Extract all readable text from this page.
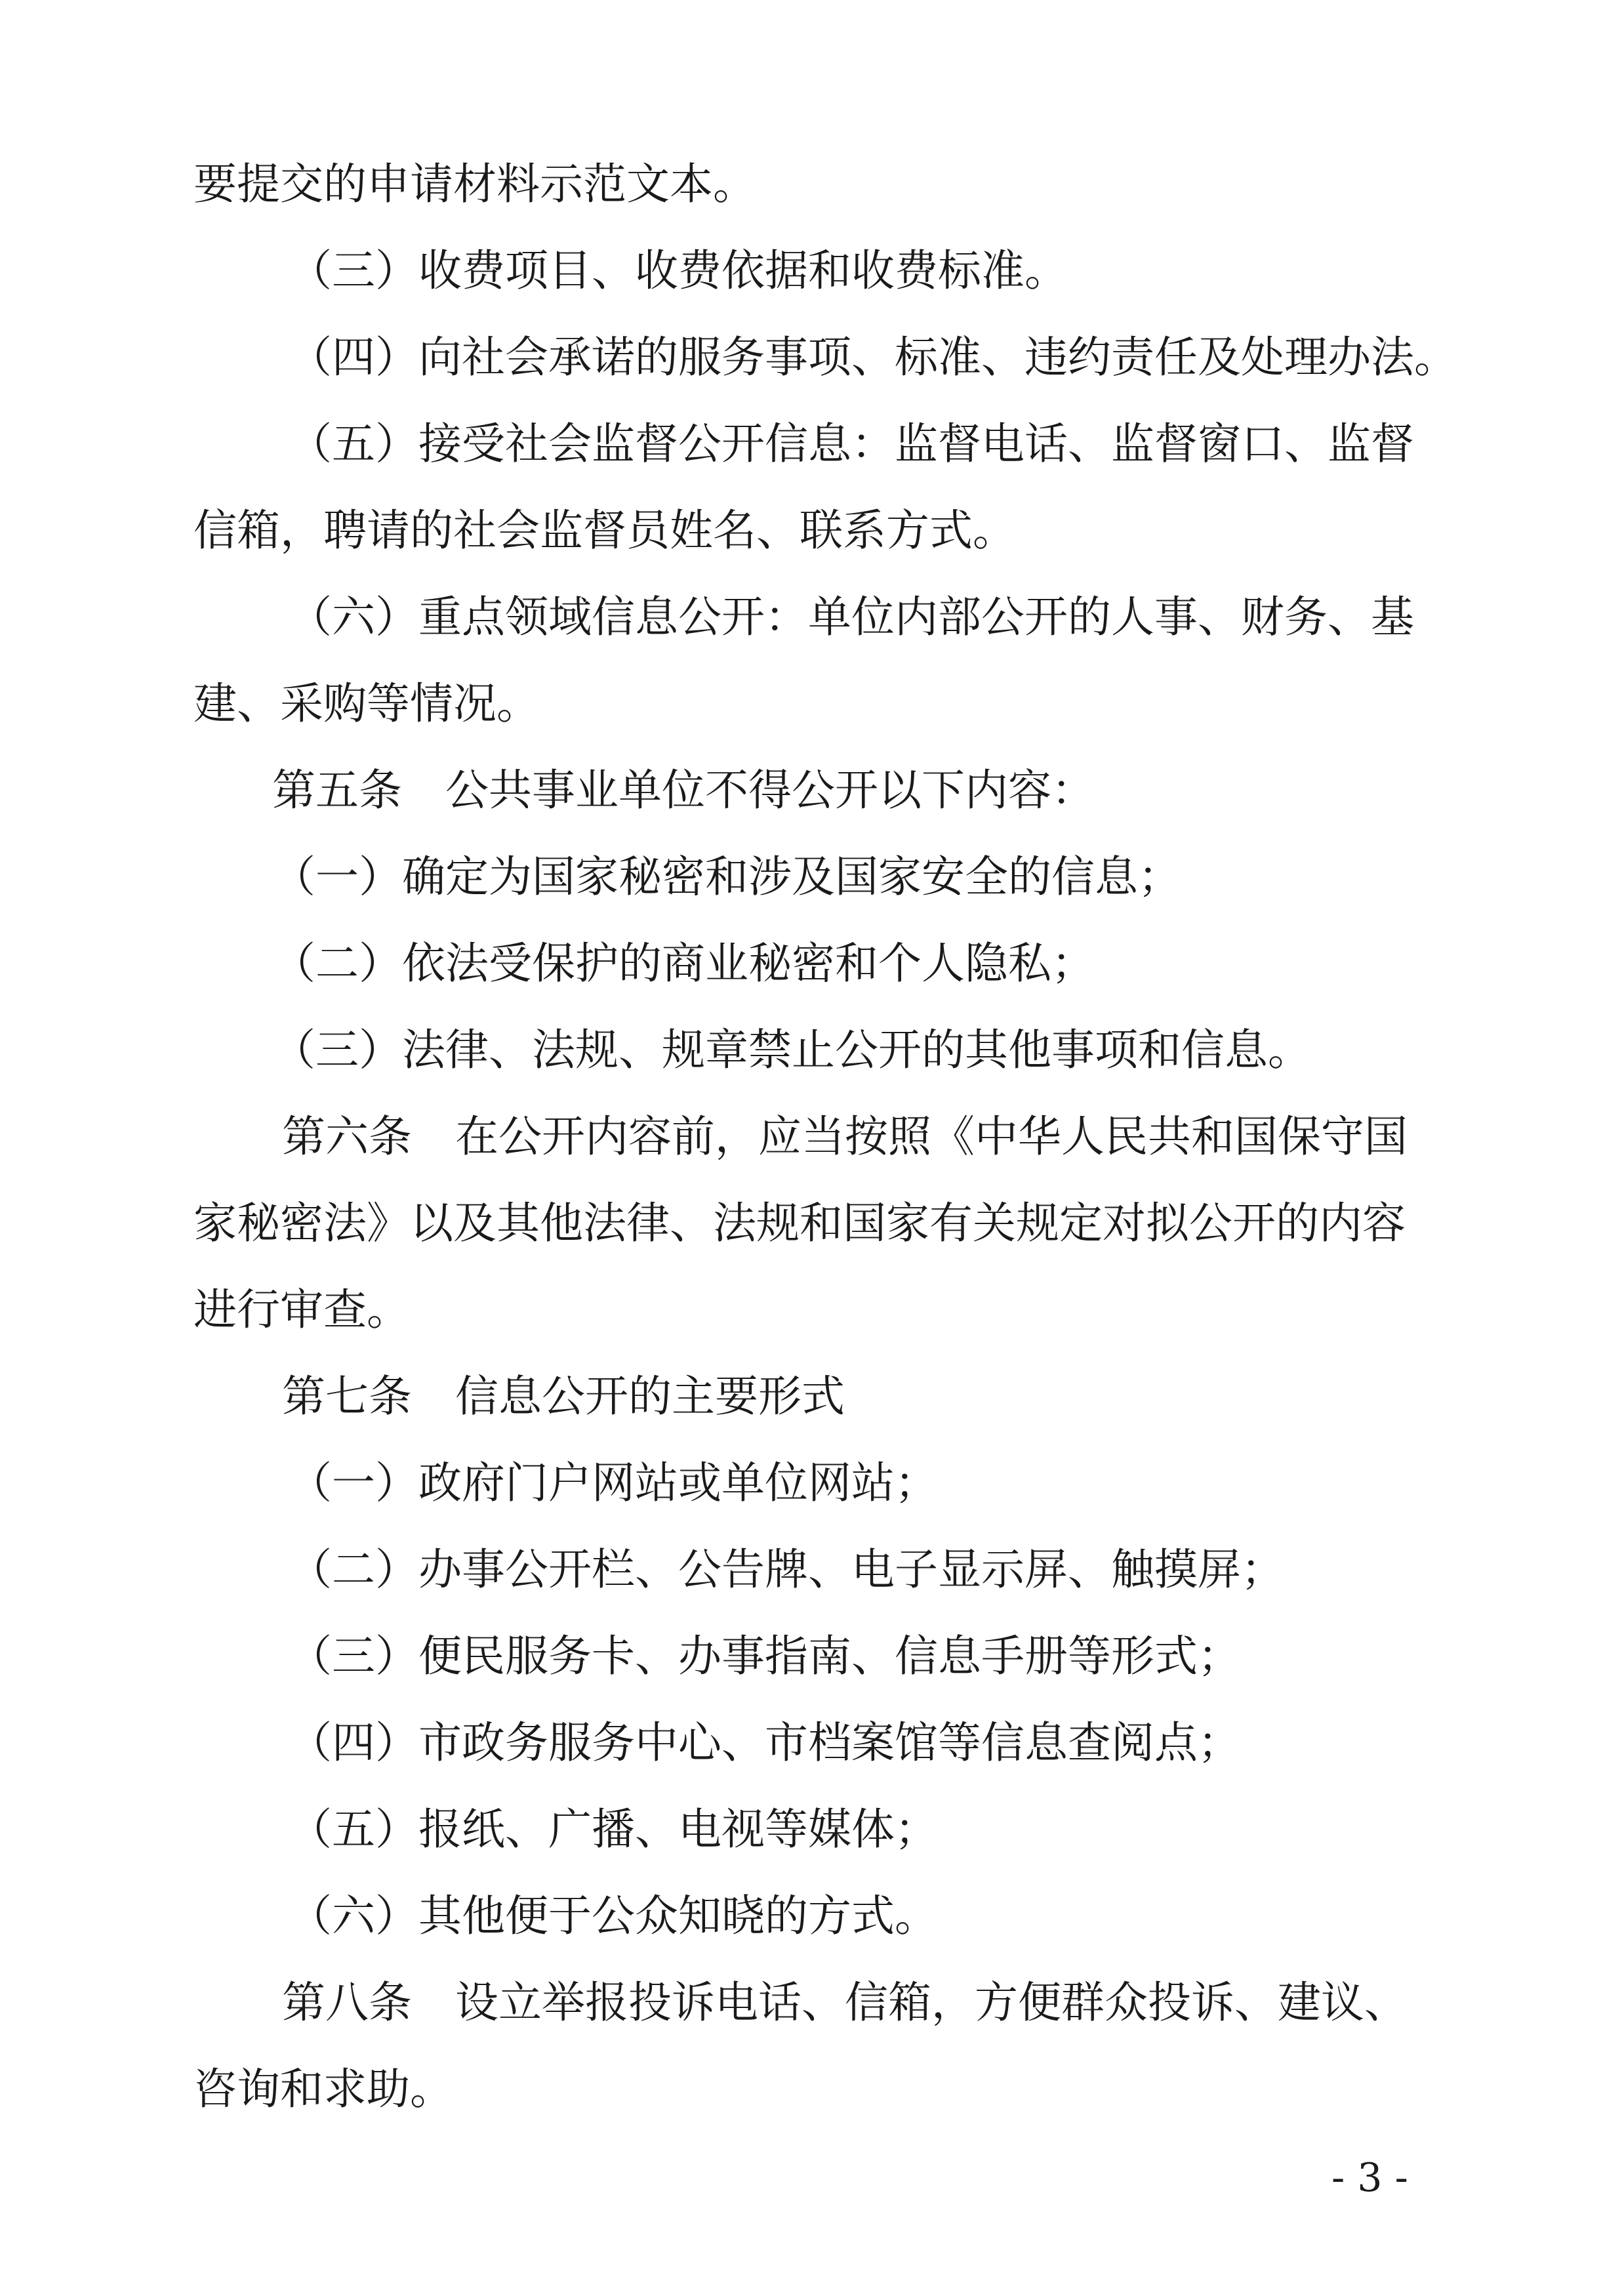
要提交的申请材料示范文本。
（三）收费项目、收费依据和收费标准。
（四）向社会承诺的服务事项、标准、违约责任及处理办法。
（五）接受社会监督公开信息：监督电话、监督窗口、监督
信箱，聘请的社会监督员姓名、联系方式。
（六）重点领域信息公开：单位内部公开的人事、财务、基
建、采购等情况。
第五条　公共事业单位不得公开以下内容：
（一）确定为国家秘密和涉及国家安全的信息；
（二）依法受保护的商业秘密和个人隐私；
（三）法律、法规、规章禁止公开的其他事项和信息。
第六条　在公开内容前，应当按照《中华人民共和国保守国
家秘密法》以及其他法律、法规和国家有关规定对拟公开的内容
进行审查。
第七条　信息公开的主要形式
（一）政府门户网站或单位网站；
（二）办事公开栏、公告牌、电子显示屏、触摸屏；
（三）便民服务卡、办事指南、信息手册等形式；
（四）市政务服务中心、市档案馆等信息查阅点；
（五）报纸、广播、电视等媒体；
（六）其他便于公众知晓的方式。
第八条　设立举报投诉电话、信箱，方便群众投诉、建议、
咨询和求助。
- 3 -
